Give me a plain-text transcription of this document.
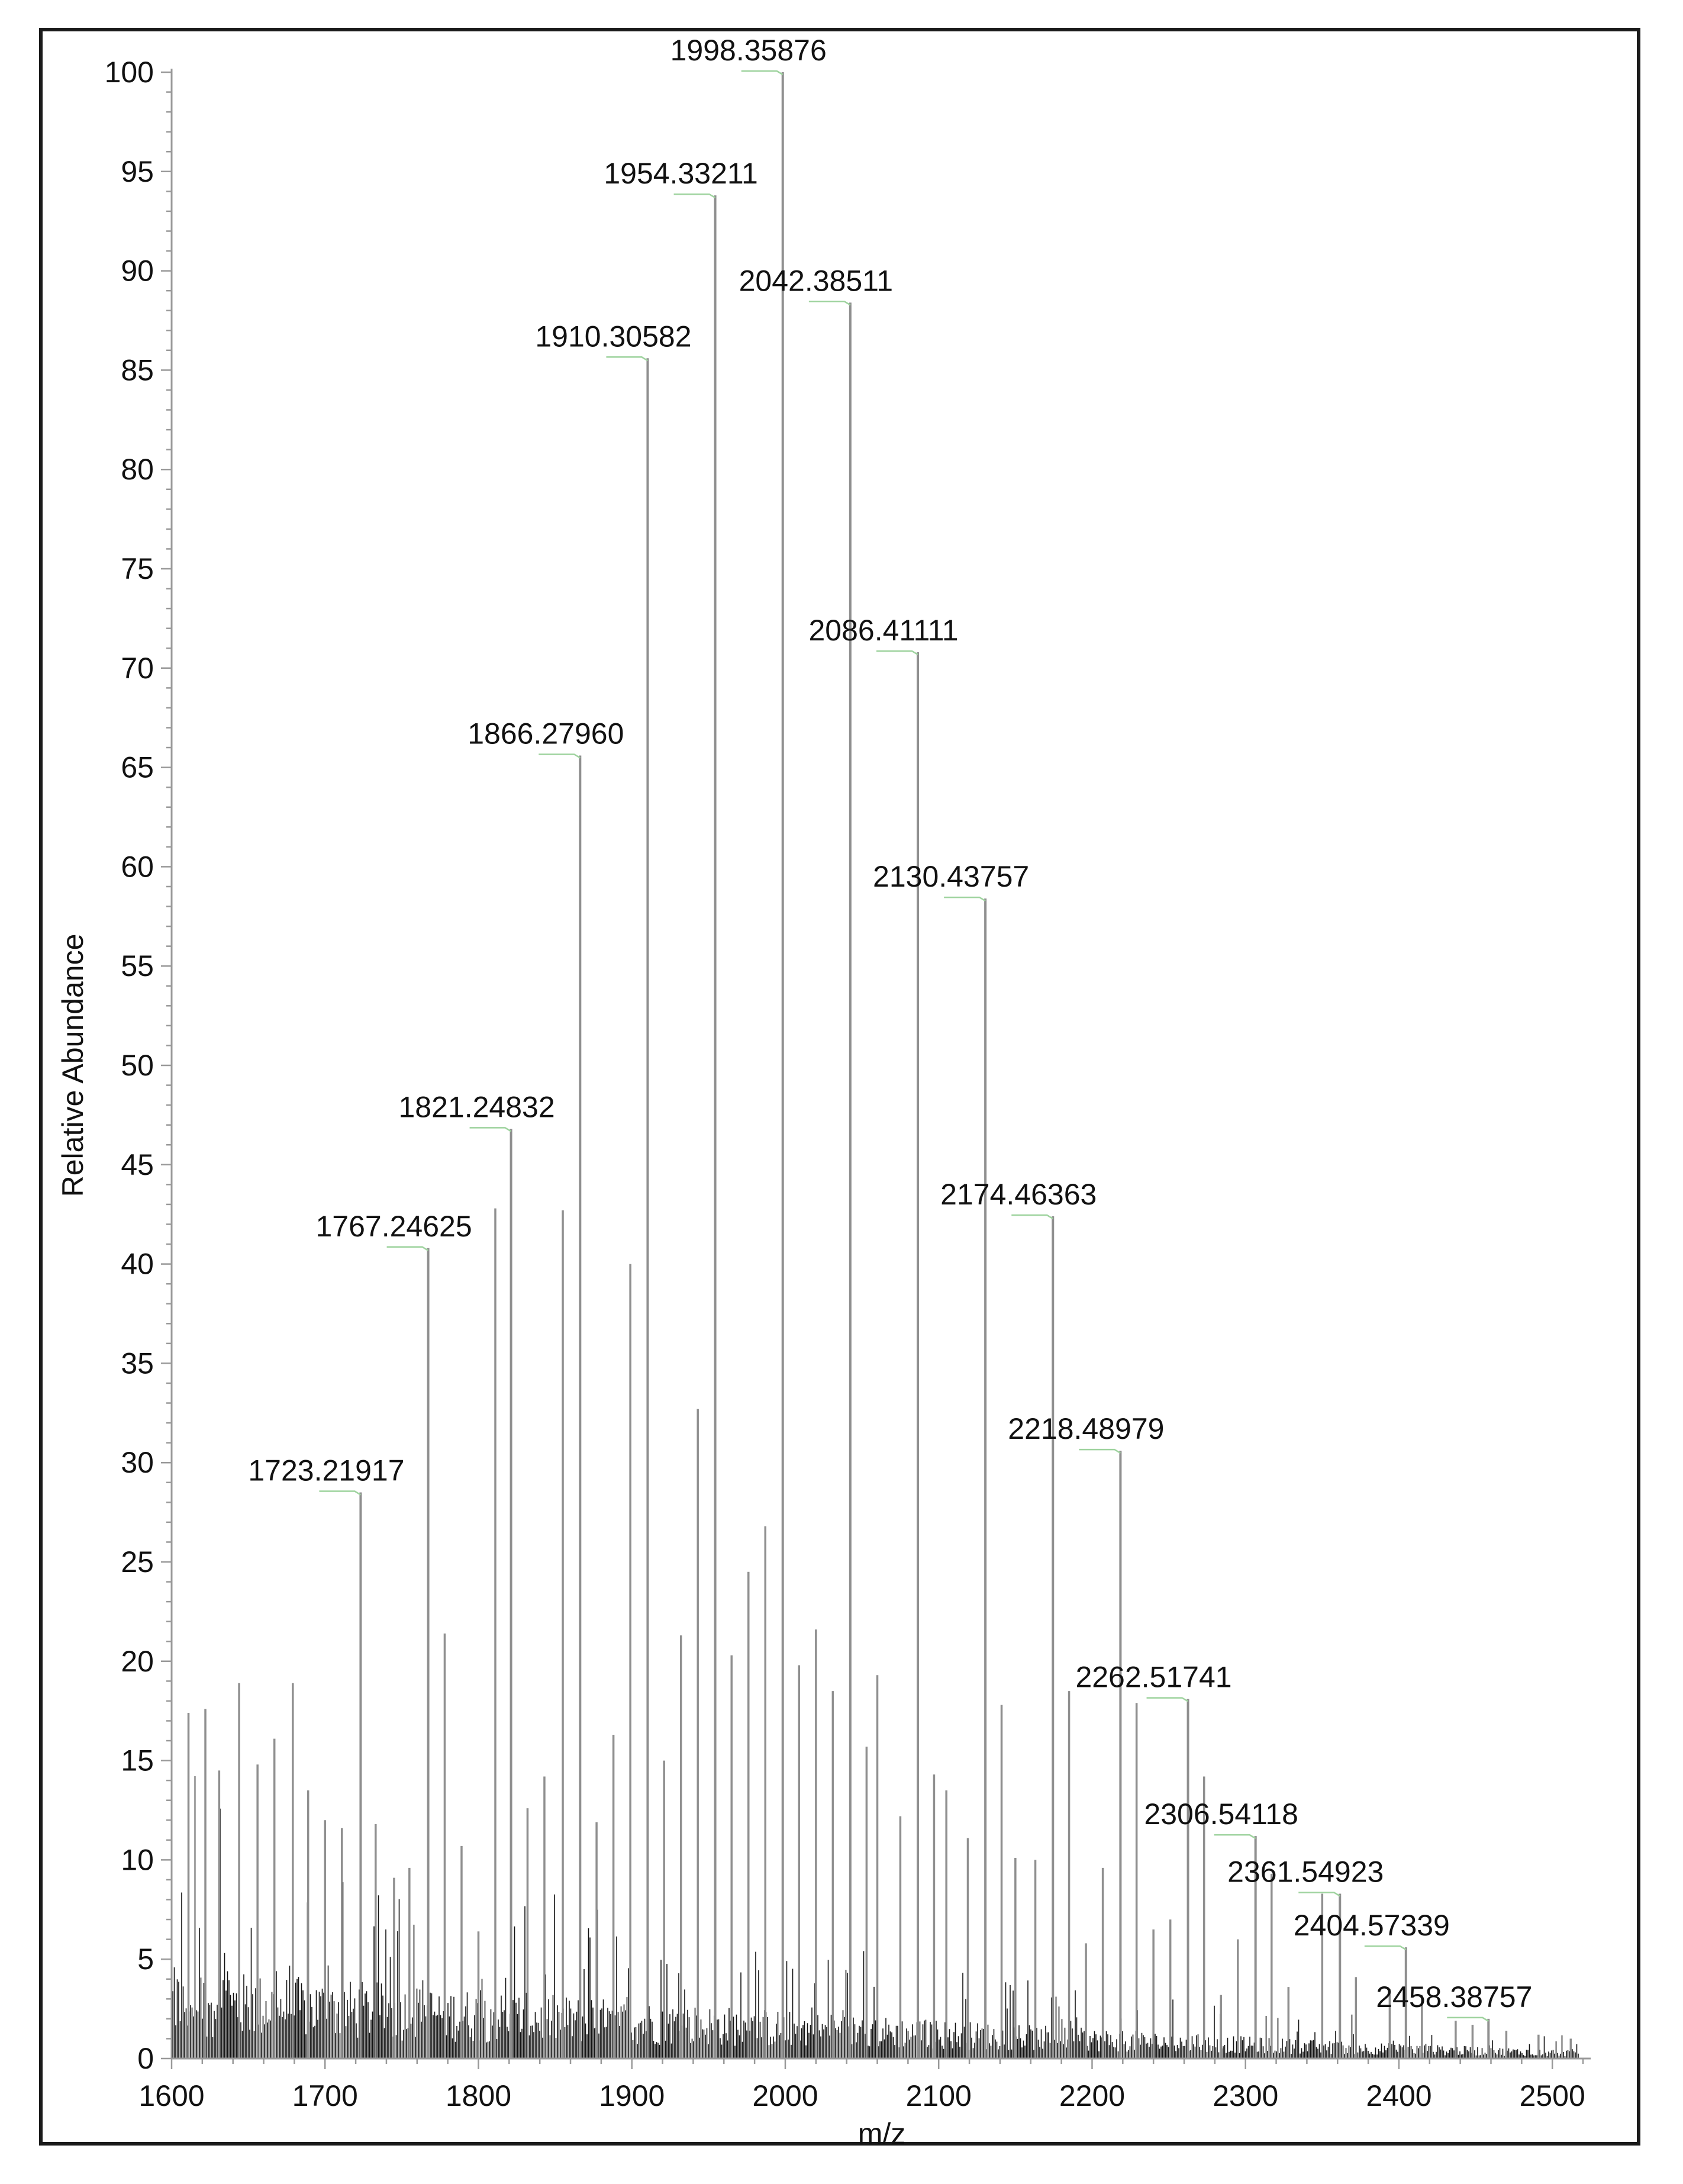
0
5
10
15
20
25
30
35
40
45
50
55
60
65
70
75
80
85
90
95
100
1600	1700	1800	1900	2000	2100	2200	2300	2400	2500
1723.21917
1767.24625
1821.24832
1866.27960
1910.30582
1954.33211
1998.35876
2042.38511
2086.41111
2130.43757
2174.46363
2218.48979
2262.51741
2306.54118
2361.54923
2404.57339
2458.38757
m/z
Relative Abundance
